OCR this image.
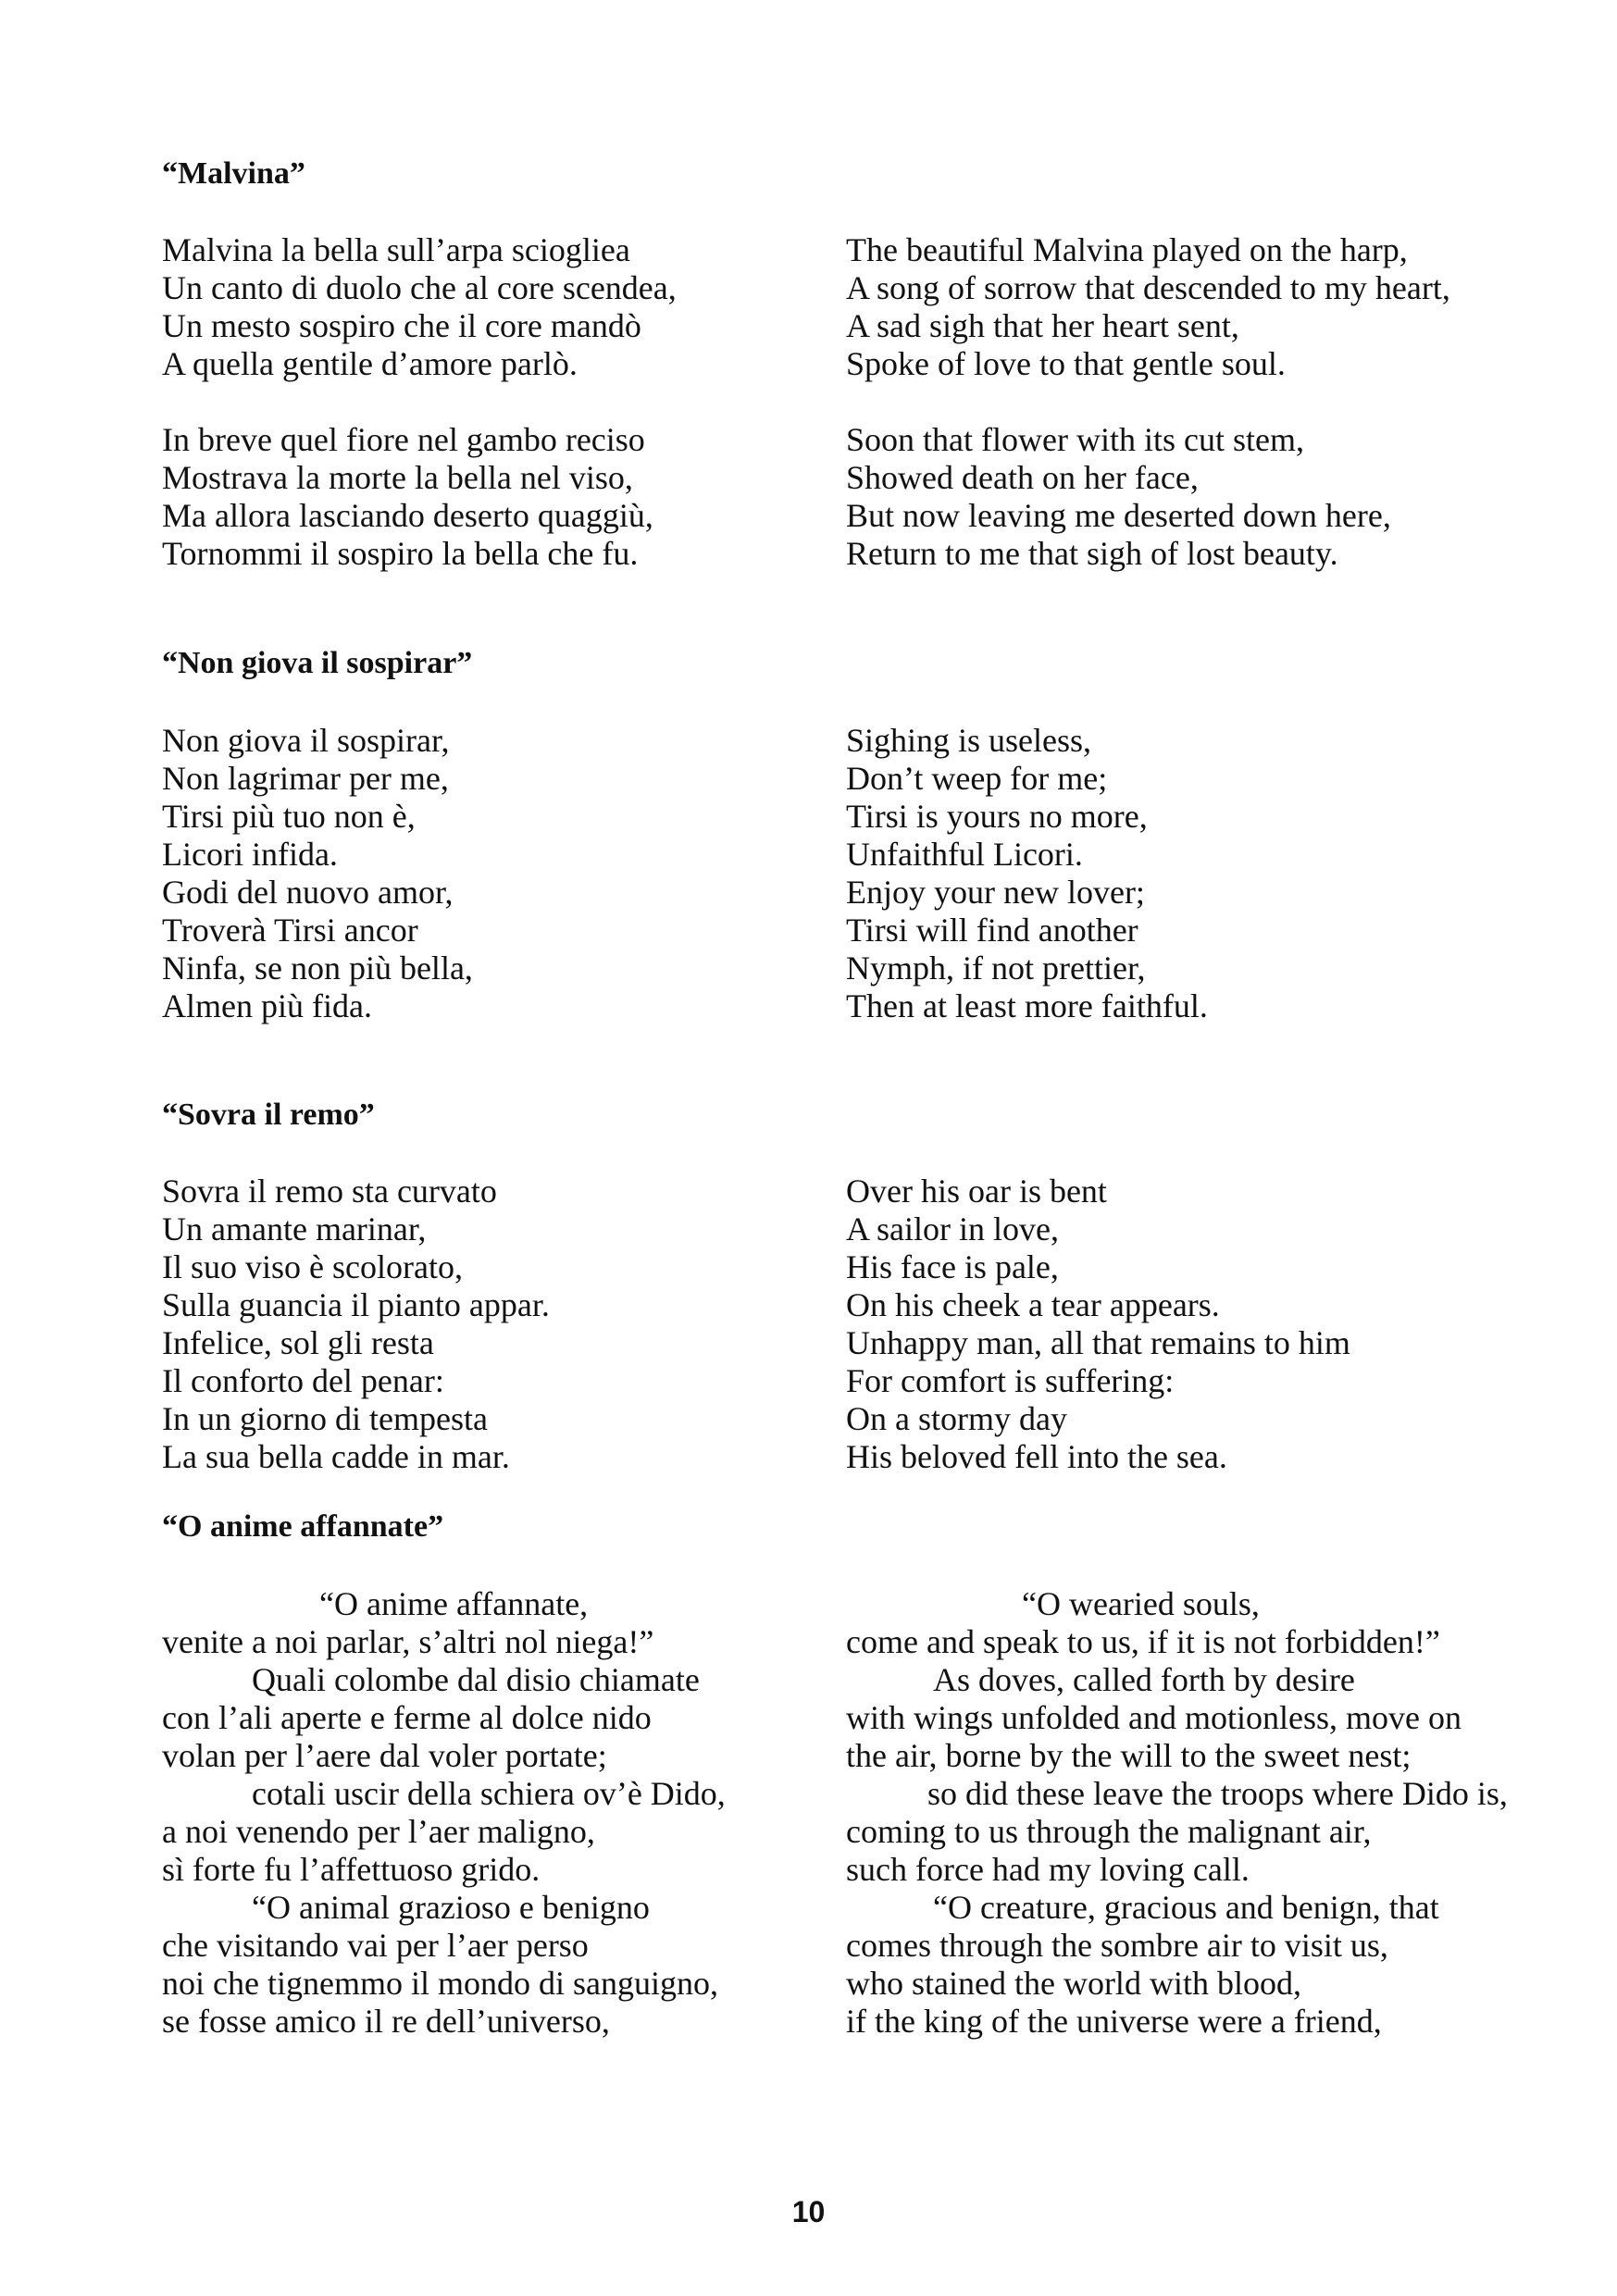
“Malvina”
Malvina la bella sull’arpa sciogliea
Un canto di duolo che al core scendea,
Un mesto sospiro che il core mandò
A quella gentile d’amore parlò.
The beautiful Malvina played on the harp,
A song of sorrow that descended to my heart,
A sad sigh that her heart sent,
Spoke of love to that gentle soul.
In breve quel fiore nel gambo reciso
Mostrava la morte la bella nel viso,
Ma allora lasciando deserto quaggiù,
Tornommi il sospiro la bella che fu.
Soon that flower with its cut stem,
Showed death on her face,
But now leaving me deserted down here,
Return to me that sigh of lost beauty.
“Non giova il sospirar”
Non giova il sospirar,
Non lagrimar per me,
Tirsi più tuo non è,
Licori infida.
Godi del nuovo amor,
Troverà Tirsi ancor
Ninfa, se non più bella,
Almen più fida.
Sighing is useless,
Don’t weep for me;
Tirsi is yours no more,
Unfaithful Licori.
Enjoy your new lover;
Tirsi will find another
Nymph, if not prettier,
Then at least more faithful.
“Sovra il remo”
Sovra il remo sta curvato
Un amante marinar,
Il suo viso è scolorato,
Sulla guancia il pianto appar.
Infelice, sol gli resta
Il conforto del penar:
In un giorno di tempesta
La sua bella cadde in mar.
Over his oar is bent
A sailor in love,
His face is pale,
On his cheek a tear appears.
Unhappy man, all that remains to him
For comfort is suffering:
On a stormy day
His beloved fell into the sea.
“O anime affannate”
“O anime affannate,
venite a noi parlar, s’altri nol niega!”
Quali colombe dal disio chiamate
con l’ali aperte e ferme al dolce nido
volan per l’aere dal voler portate;
cotali uscir della schiera ov’è Dido,
a noi venendo per l’aer maligno,
sì forte fu l’affettuoso grido.
“O animal grazioso e benigno
che visitando vai per l’aer perso
noi che tignemmo il mondo di sanguigno,
se fosse amico il re dell’universo,
“O wearied souls,
come and speak to us, if it is not forbidden!”
As doves, called forth by desire
with wings unfolded and motionless, move on
the air, borne by the will to the sweet nest;
so did these leave the troops where Dido is,
coming to us through the malignant air,
such force had my loving call.
“O creature, gracious and benign, that
comes through the sombre air to visit us,
who stained the world with blood,
if the king of the universe were a friend,
10
